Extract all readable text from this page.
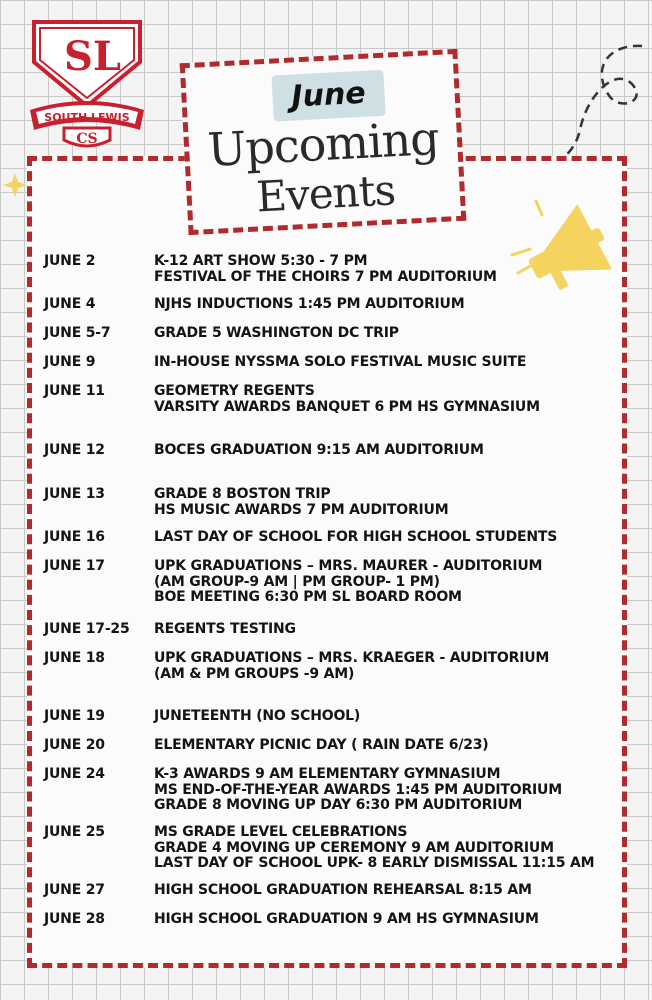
SL
SOUTH LEWIS
CS
June
Upcoming
Events
JUNE 2	K-12 ART SHOW 5:30 - 7 PM
FESTIVAL OF THE CHOIRS 7 PM AUDITORIUM
JUNE 4	NJHS INDUCTIONS 1:45 PM AUDITORIUM
JUNE 5-7	GRADE 5 WASHINGTON DC TRIP
JUNE 9	IN-HOUSE NYSSMA SOLO FESTIVAL MUSIC SUITE
JUNE 11	GEOMETRY REGENTS
VARSITY AWARDS BANQUET 6 PM HS GYMNASIUM
JUNE 12	BOCES GRADUATION 9:15 AM AUDITORIUM
JUNE 13	GRADE 8 BOSTON TRIP
HS MUSIC AWARDS 7 PM AUDITORIUM
JUNE 16	LAST DAY OF SCHOOL FOR HIGH SCHOOL STUDENTS
JUNE 17	UPK GRADUATIONS – MRS. MAURER - AUDITORIUM
(AM GROUP-9 AM | PM GROUP- 1 PM)
BOE MEETING 6:30 PM SL BOARD ROOM
JUNE 17-25	REGENTS TESTING
JUNE 18	UPK GRADUATIONS – MRS. KRAEGER - AUDITORIUM
(AM & PM GROUPS -9 AM)
JUNE 19	JUNETEENTH (NO SCHOOL)
JUNE 20	ELEMENTARY PICNIC DAY ( RAIN DATE 6/23)
JUNE 24	K-3 AWARDS 9 AM ELEMENTARY GYMNASIUM
MS END-OF-THE-YEAR AWARDS 1:45 PM AUDITORIUM
GRADE 8 MOVING UP DAY 6:30 PM AUDITORIUM
JUNE 25	MS GRADE LEVEL CELEBRATIONS
GRADE 4 MOVING UP CEREMONY 9 AM AUDITORIUM
LAST DAY OF SCHOOL UPK- 8 EARLY DISMISSAL 11:15 AM
JUNE 27	HIGH SCHOOL GRADUATION REHEARSAL 8:15 AM
JUNE 28	HIGH SCHOOL GRADUATION 9 AM HS GYMNASIUM
